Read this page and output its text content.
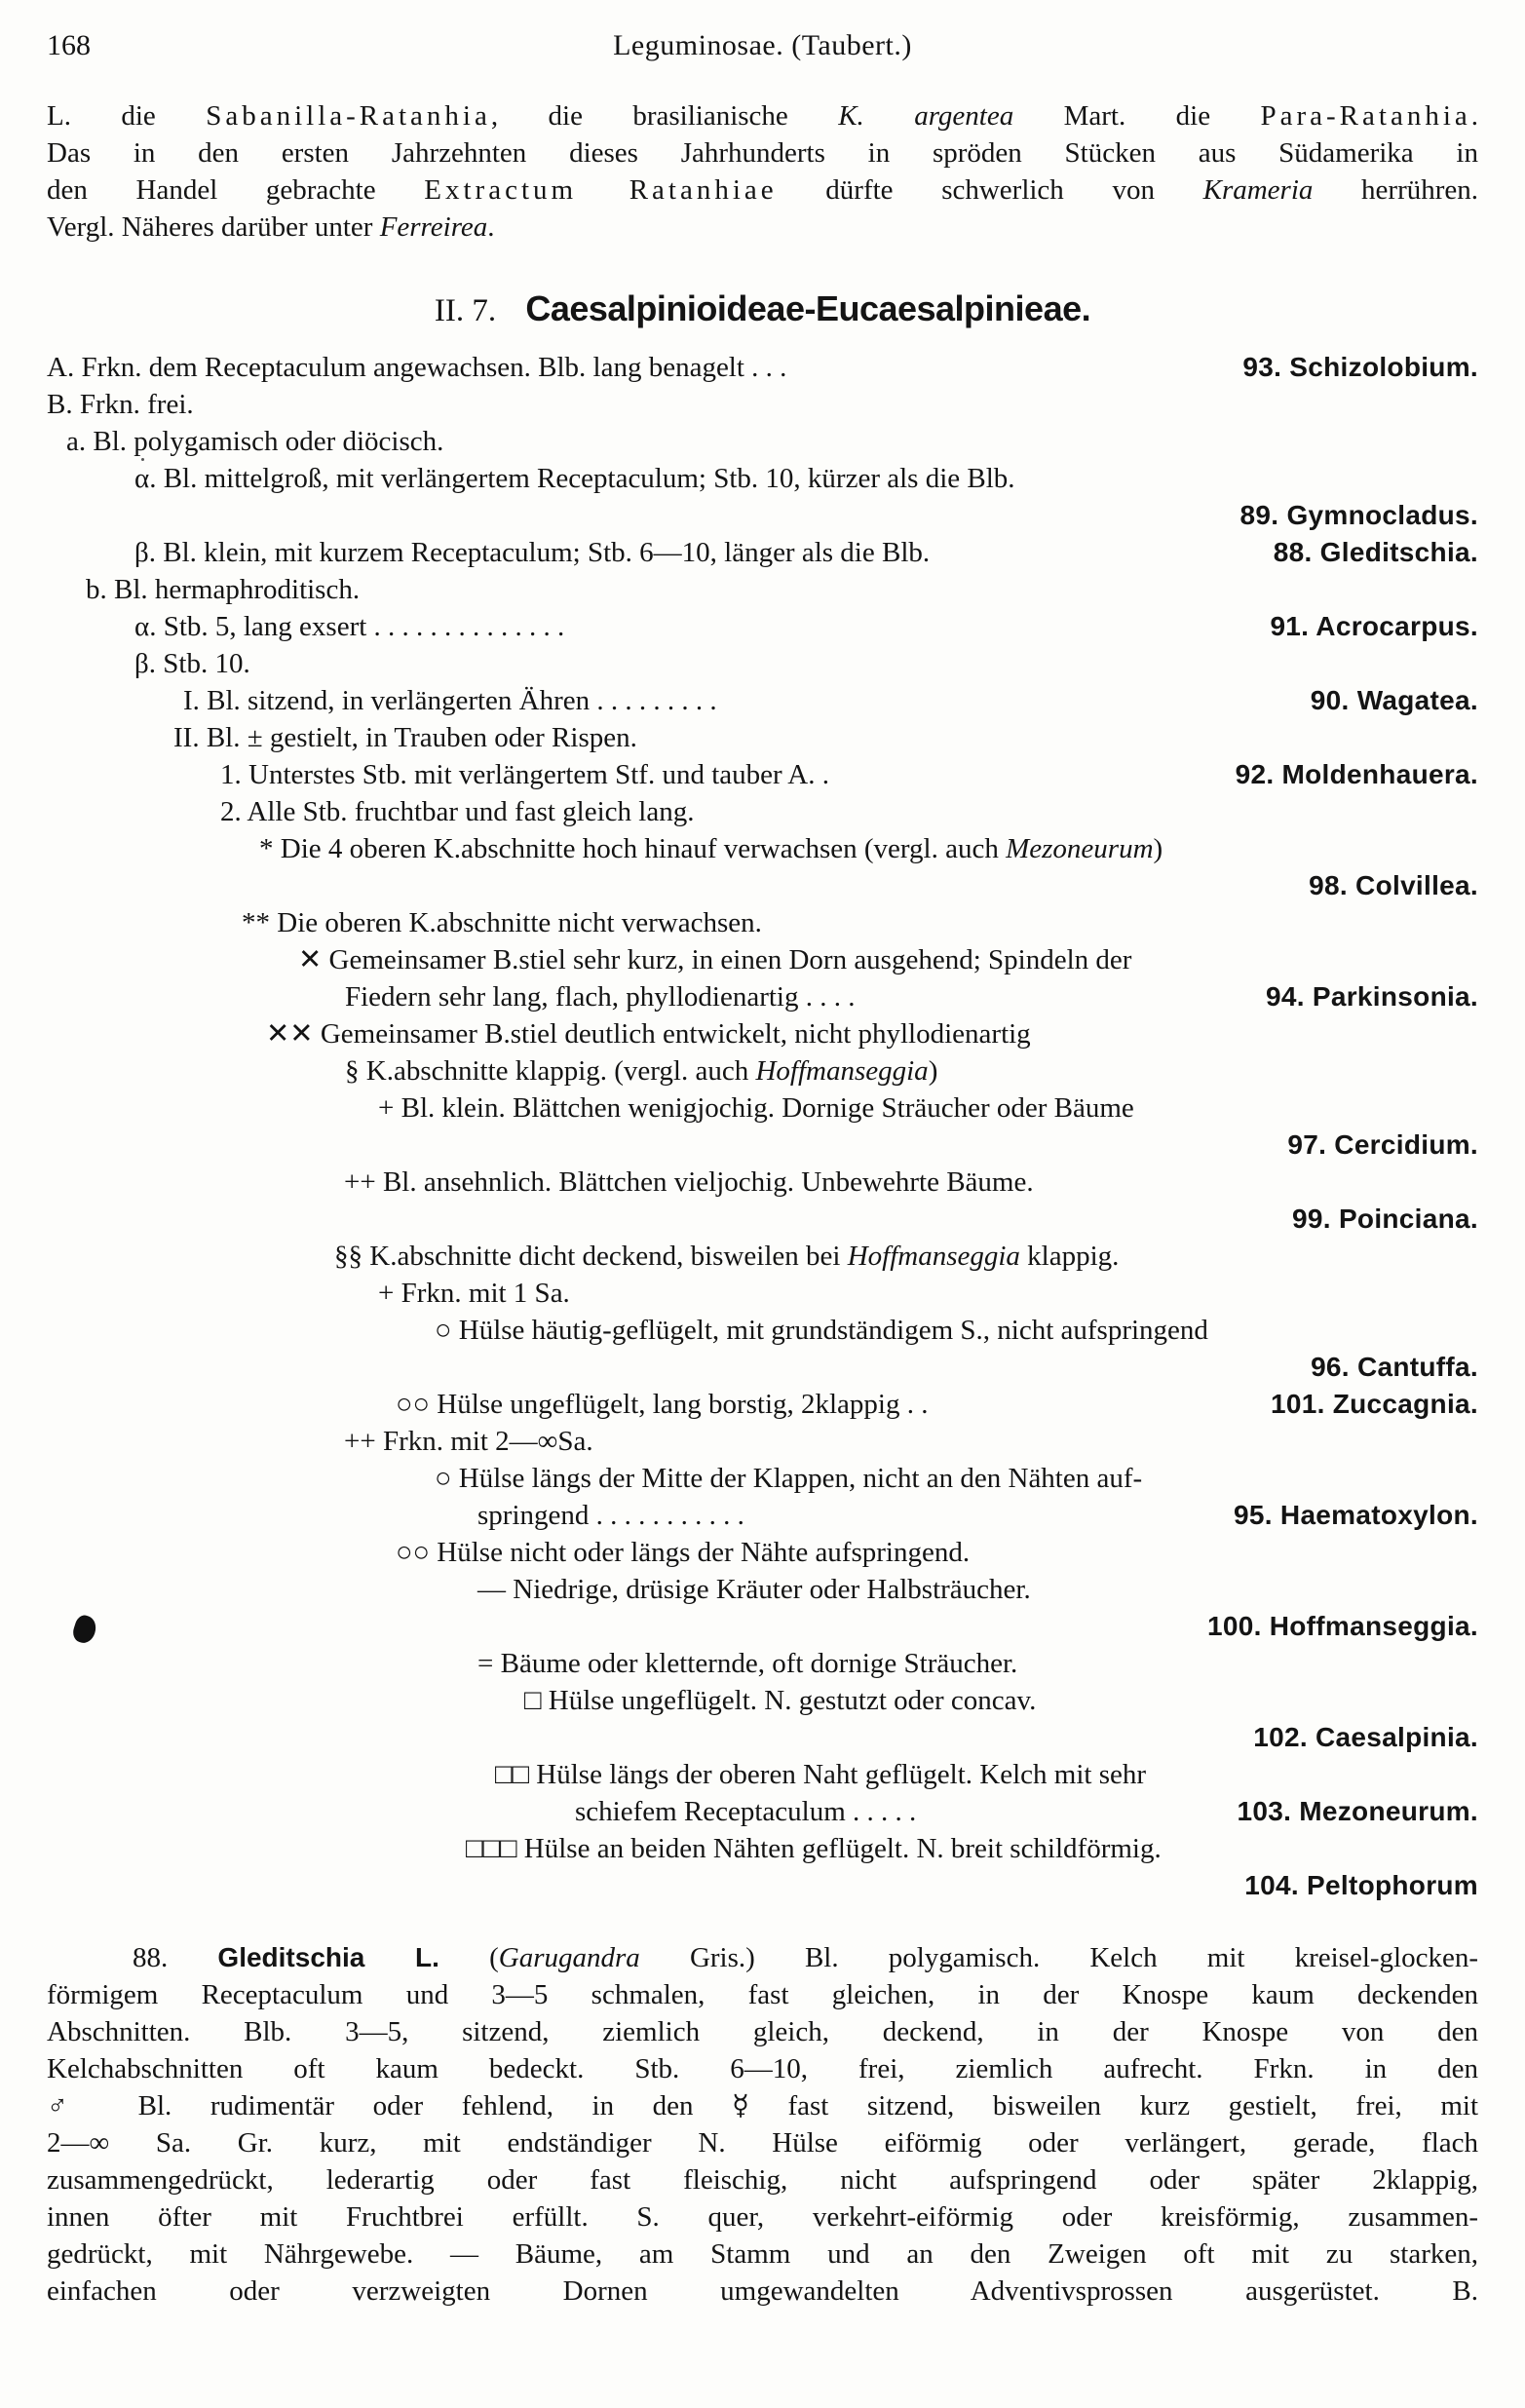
168	Leguminosae. (Taubert.)
L. die Sabanilla-Ratanhia, die brasilianische K. argentea Mart. die Para-Ratanhia.
Das in den ersten Jahrzehnten dieses Jahrhunderts in spröden Stücken aus Südamerika in
den Handel gebrachte Extractum Ratanhiae dürfte schwerlich von Krameria herrühren.
Vergl. Näheres darüber unter Ferreirea.
II. 7. Caesalpinioideae-Eucaesalpinieae.
A. Frkn. dem Receptaculum angewachsen. Blb. lang benagelt . . .	93. Schizolobium.
B. Frkn. frei.
a. Bl. polygamisch oder diöcisch.
α. Bl. mittelgroß, mit verlängertem Receptaculum; Stb. 10, kürzer als die Blb.
89. Gymnocladus.
β. Bl. klein, mit kurzem Receptaculum; Stb. 6—10, länger als die Blb.	88. Gleditschia.
b. Bl. hermaphroditisch.
α. Stb. 5, lang exsert . . . . . . . . . . . . . .	91. Acrocarpus.
β. Stb. 10.
I. Bl. sitzend, in verlängerten Ähren . . . . . . . . .	90. Wagatea.
II. Bl. ± gestielt, in Trauben oder Rispen.
1. Unterstes Stb. mit verlängertem Stf. und tauber A. .	92. Moldenhauera.
2. Alle Stb. fruchtbar und fast gleich lang.
* Die 4 oberen K.abschnitte hoch hinauf verwachsen (vergl. auch Mezoneurum)
98. Colvillea.
** Die oberen K.abschnitte nicht verwachsen.
✕ Gemeinsamer B.stiel sehr kurz, in einen Dorn ausgehend; Spindeln der
Fiedern sehr lang, flach, phyllodienartig . . . .	94. Parkinsonia.
✕✕ Gemeinsamer B.stiel deutlich entwickelt, nicht phyllodienartig
§ K.abschnitte klappig. (vergl. auch Hoffmanseggia)
+ Bl. klein. Blättchen wenigjochig. Dornige Sträucher oder Bäume
97. Cercidium.
++ Bl. ansehnlich. Blättchen vieljochig. Unbewehrte Bäume.
99. Poinciana.
§§ K.abschnitte dicht deckend, bisweilen bei Hoffmanseggia klappig.
+ Frkn. mit 1 Sa.
○ Hülse häutig-geflügelt, mit grundständigem S., nicht aufspringend
96. Cantuffa.
○○ Hülse ungeflügelt, lang borstig, 2klappig . .	101. Zuccagnia.
++ Frkn. mit 2—∞Sa.
○ Hülse längs der Mitte der Klappen, nicht an den Nähten auf-
springend . . . . . . . . . . .	95. Haematoxylon.
○○ Hülse nicht oder längs der Nähte aufspringend.
— Niedrige, drüsige Kräuter oder Halbsträucher.
100. Hoffmanseggia.
= Bäume oder kletternde, oft dornige Sträucher.
□ Hülse ungeflügelt. N. gestutzt oder concav.
102. Caesalpinia.
□□ Hülse längs der oberen Naht geflügelt. Kelch mit sehr
schiefem Receptaculum . . . . .	103. Mezoneurum.
□□□ Hülse an beiden Nähten geflügelt. N. breit schildförmig.
104. Peltophorum
88. Gleditschia L. (Garugandra Gris.) Bl. polygamisch. Kelch mit kreisel-glocken-
förmigem Receptaculum und 3—5 schmalen, fast gleichen, in der Knospe kaum deckenden
Abschnitten. Blb. 3—5, sitzend, ziemlich gleich, deckend, in der Knospe von den
Kelchabschnitten oft kaum bedeckt. Stb. 6—10, frei, ziemlich aufrecht. Frkn. in den
♂ Bl. rudimentär oder fehlend, in den ☿ fast sitzend, bisweilen kurz gestielt, frei, mit
2—∞ Sa. Gr. kurz, mit endständiger N. Hülse eiförmig oder verlängert, gerade, flach
zusammengedrückt, lederartig oder fast fleischig, nicht aufspringend oder später 2klappig,
innen öfter mit Fruchtbrei erfüllt. S. quer, verkehrt-eiförmig oder kreisförmig, zusammen-
gedrückt, mit Nährgewebe. — Bäume, am Stamm und an den Zweigen oft mit zu starken,
einfachen oder verzweigten Dornen umgewandelten Adventivsprossen ausgerüstet. B.
